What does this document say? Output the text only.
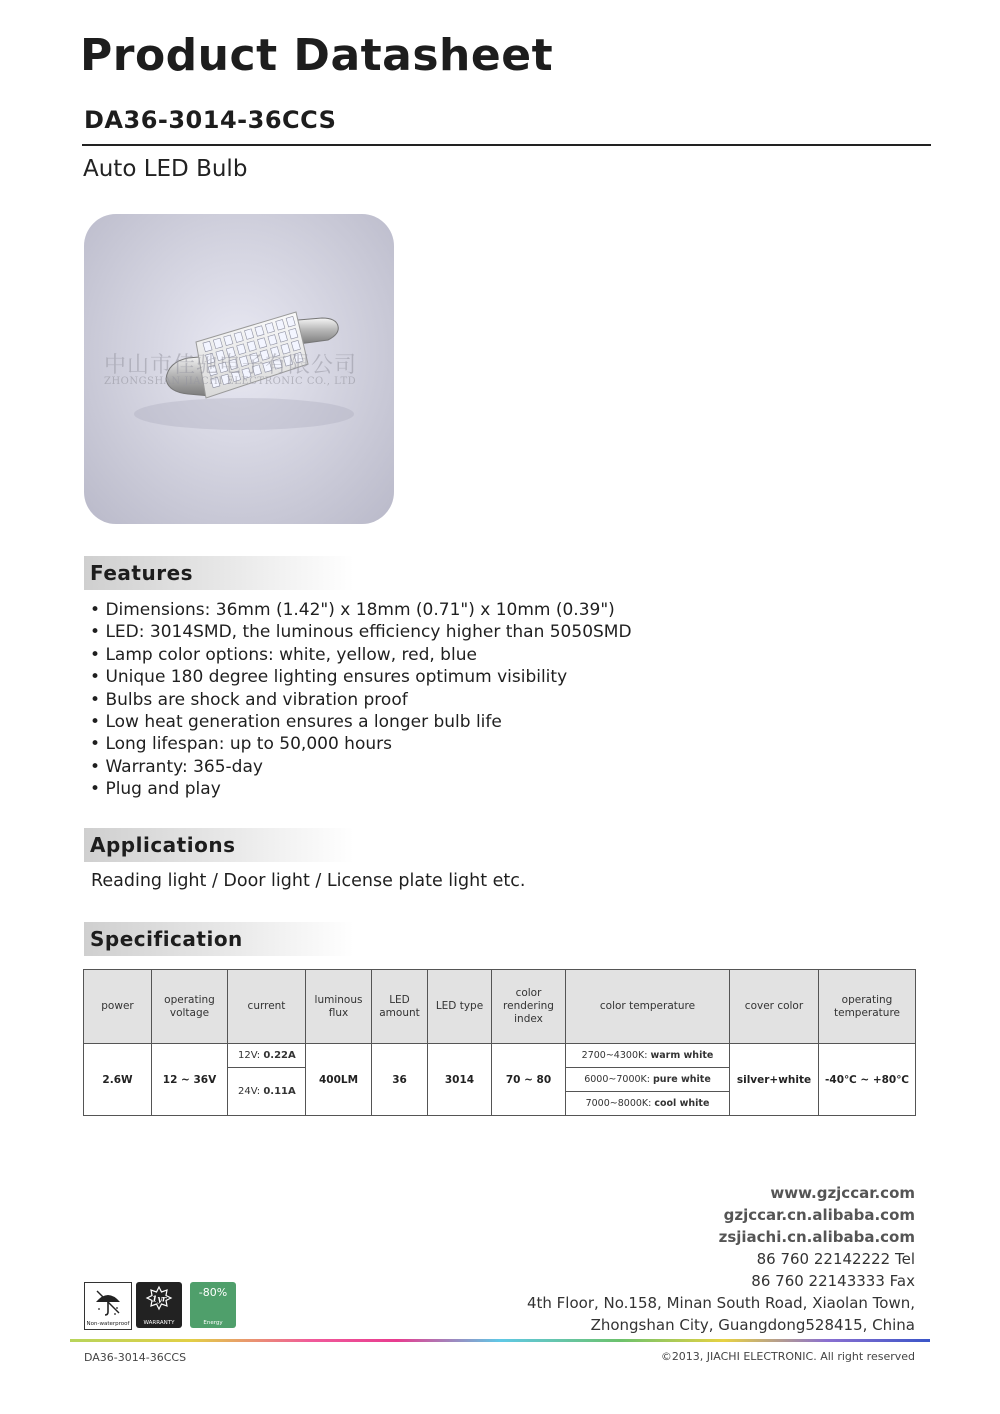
Product Datasheet
DA36-3014-36CCS
Auto LED Bulb
中山市佳驰电子有限公司
ZHONGSHAN JIACHI ELECTRONIC CO., LTD
Features
• Dimensions: 36mm (1.42") x 18mm (0.71") x 10mm (0.39")
• LED: 3014SMD, the luminous efficiency higher than 5050SMD
• Lamp color options: white, yellow, red, blue
• Unique 180 degree lighting ensures optimum visibility
• Bulbs are shock and vibration proof
• Low heat generation ensures a longer bulb life
• Long lifespan: up to 50,000 hours
• Warranty: 365-day
• Plug and play
Applications
Reading light / Door light / License plate light etc.
Specification
power	operating voltage	current	luminous flux	LED amount	LED type	color rendering index	color temperature	cover color	operating temperature
2.6W	12 ~ 36V	12V: 0.22A	400LM	36	3014	70 ~ 80	2700~4300K: warm white	silver+white	-40℃ ~ +80℃

							6000~7000K: pure white		
		24V: 0.11A							
							7000~8000K: cool white		

www.gzjccar.com
gzjccar.cn.alibaba.com
zsjiachi.cn.alibaba.com
86 760 22142222 Tel
86 760 22143333 Fax
4th Floor, No.158, Minan South Road, Xiaolan Town,
Zhongshan City, Guangdong528415, China
Non-waterproof
1yr
WARRANTY
-80%
Energy
DA36-3014-36CCS	©2013, JIACHI ELECTRONIC. All right reserved
